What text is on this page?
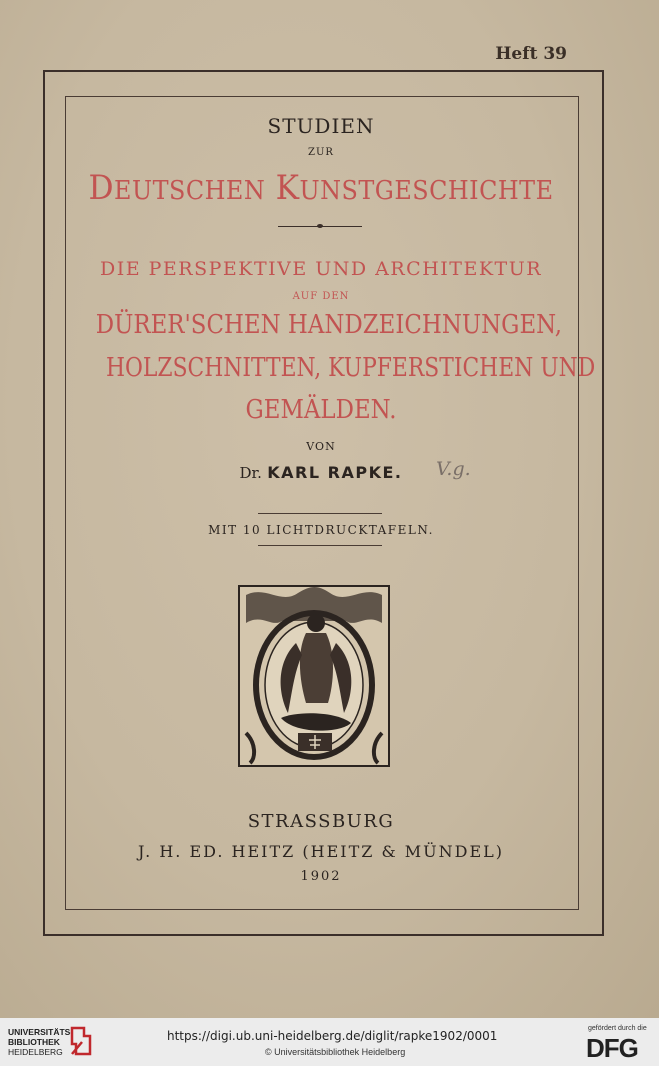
Heft 39
STUDIEN
ZUR
DEUTSCHEN KUNSTGESCHICHTE
DIE PERSPEKTIVE UND ARCHITEKTUR
AUF DEN
DÜRER'SCHEN HANDZEICHNUNGEN,
HOLZSCHNITTEN, KUPFERSTICHEN UND
GEMÄLDEN.
VON
Dr. KARL RAPKE.	V.g.
MIT 10 LICHTDRUCKTAFELN.
STRASSBURG
J. H. ED. HEITZ (HEITZ & MÜNDEL)
1902
UNIVERSITÄTS-
BIBLIOTHEK
HEIDELBERG
https://digi.ub.uni-heidelberg.de/diglit/rapke1902/0001
© Universitätsbibliothek Heidelberg
gefördert durch die
DFG
